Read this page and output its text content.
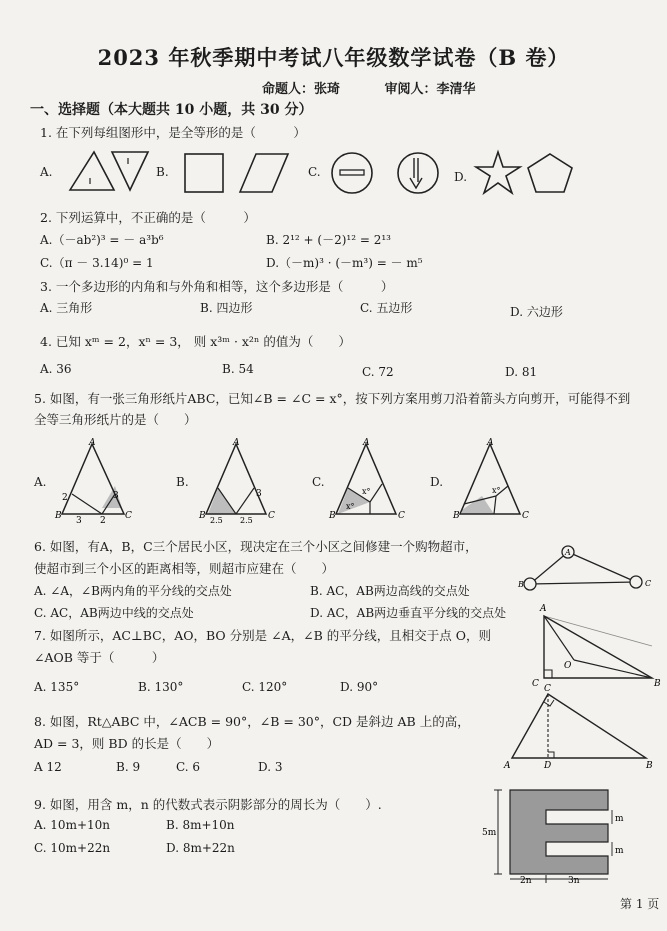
2023 年秋季期中考试八年级数学试卷（B 卷）
命题人：张琦	审阅人：李清华
一、选择题（本大题共 10 小题，共 30 分）
1. 在下列每组图形中，是全等形的是（　　　）
A.	B.	C.	D.
2. 下列运算中，不正确的是（　　　）
A.（－ab²)³ = － a³b⁶	B. 2¹² + (－2)¹² = 2¹³
C.（π － 3.14)⁰ = 1	D.（－m)³ · (－m³) = － m⁵
3. 一个多边形的内角和与外角和相等，这个多边形是（　　　）
A. 三角形	B. 四边形	C. 五边形	D. 六边形
4. 已知 xᵐ = 2，xⁿ = 3， 则 x³ᵐ · x²ⁿ 的值为（　　）
A. 36	B. 54	C. 72	D. 81
5. 如图，有一张三角形纸片ABC，已知∠B = ∠C = x°，按下列方案用剪刀沿着箭头方向剪开，可能得不到
全等三角形纸片的是（　　）
A.	B.	C.	D.
A
B	C
2	3
3 2
A
B	C
2.5 2.5
3
A
B	C
x°
x°
A
B	C
x°
6. 如图，有A，B，C三个居民小区，现决定在三个小区之间修建一个购物超市，
使超市到三个小区的距离相等，则超市应建在（　　）
A. ∠A，∠B两内角的平分线的交点处	B. AC，AB两边高线的交点处
C. AC，AB两边中线的交点处	D. AC，AB两边垂直平分线的交点处
A
B	C
7. 如图所示，AC⊥BC，AO，BO 分别是 ∠A，∠B 的平分线，且相交于点 O，则
∠AOB 等于（　　　）
A. 135°	B. 130°	C. 120°	D. 90°
A
C	B
O
8. 如图，Rt△ABC 中，∠ACB = 90°，∠B = 30°，CD 是斜边 AB 上的高，
AD = 3，则 BD 的长是（　　）
A 12	B. 9	C. 6	D. 3
C
A	B
D
9. 如图，用含 m，n 的代数式表示阴影部分的周长为（　　）.
A. 10m+10n	B. 8m+10n
C. 10m+22n	D. 8m+22n
5m
m
m
2n	3n
第 1 页
